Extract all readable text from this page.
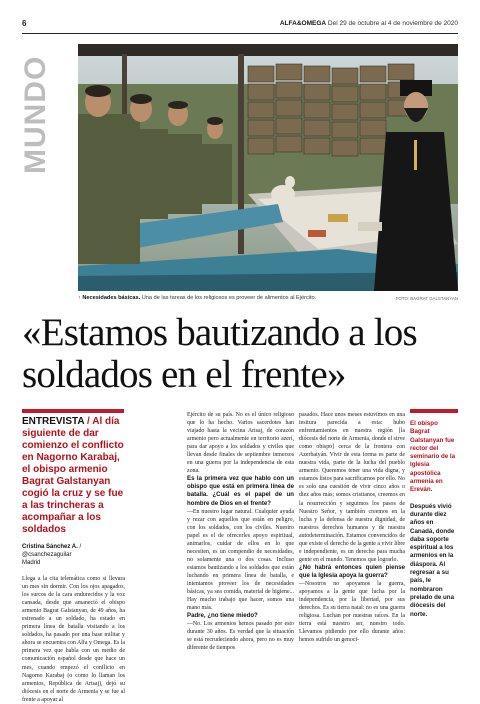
6	ALFA&OMEGA Del 29 de octubre al 4 de noviembre de 2020
MUNDO
↑ Necesidades básicas. Una de las tareas de los religiosos es proveer de alimentos al Ejército.	FOTO: BAGRAT GALSTANYAN
«Estamos bautizando a los soldados en el frente»
ENTREVISTA / Al día siguiente de dar comienzo el conflicto en Nagorno Karabaj, el obispo armenio Bagrat Galstanyan cogió la cruz y se fue a las trincheras a acompañar a los soldados
Cristina Sánchez A. / @csanchezaguilar
Madrid

Llega a la cita telemática como si llevara un mes sin dormir. Con los ojos apagados, los surcos de la cara endurecidos y la voz cansada, desde que amaneció el obispo armenio Bagrat Galstanyan, de 49 años, ha estrenado a un soldado, ha estado en primera línea de batalla visitando a los soldados, ha pasado por una base militar y ahora se encuentra con Alfa y Omega. Es la primera vez que habla con un medio de comunicación español desde que hace un mes, cuando empezó el conflicto en Nagorno Karabaj (o como lo llaman los armenios, República de Artsaj), dejó su diócesis en el norte de Armenia y se fue al frente a apoyar al

Ejército de su país. No es el único religioso que lo ha hecho. Varios sacerdotes han viajado hasta la vecina Artsaj, de corazón armenio pero actualmente en territorio azerí, para dar apoyo a los soldados y civiles que llevan desde finales de septiembre inmersos en una guerra por la independencia de esta zona.

Es la primera vez que hablo con un obispo que está en primera línea de batalla. ¿Cuál es el papel de un hombre de Dios en el frente?

—En nuestro lugar natural. Cualquier ayuda y rezar con aquellos que están en peligro, con los soldados, con los civiles. Nuestro papel es el de ofrecerles apoyo espiritual, animarlos, cuidar de ellos en lo que necesiten, es un compendio de necesidades, no solamente una o dos cosas. Incluso estamos bautizando a los soldados que están luchando en primera línea de batalla, e intentamos proveer los de necesidades básicas, ya sea comida, material de higiene... Hay mucho trabajo que hacer, somos una mano más.

Padre, ¿no tiene miedo?

—No. Los armenios hemos pasado por esto durante 30 años. Es verdad que la situación se está recrudeciendo ahora, pero no es muy diferente de tiempos

pasados. Hace unos meses estuvimos en una tesitura parecida a esta: hubo enfrentamientos en nuestra región [la diócesis del norte de Armenia, donde el sirve como obispo] cerca de la frontera con Azerbaiyán. Vivir de esta forma es parte de nuestra vida, parte de la lucha del pueblo armenio. Queremos tener una vida digna, y estamos listos para sacrificarnos por ello. No es solo una cuestión de vivir cinco años o diez años más; somos cristianos, creemos en la resurrección y seguimos los pasos de Nuestro Señor, y también creemos en la lucha y la defensa de nuestra dignidad, de nuestros derechos humanos y de nuestra autodeterminación. Estamos convencidos de que existe el derecho de la gente a vivir libre e independiente, es un derecho para mucha gente en el mundo. Tenemos que lograrlo.

¿No habrá entonces quien piense que la Iglesia apoya la guerra?

—Nosotros no apoyamos la guerra, apoyamos a la gente que lucha por la independencia, por la libertad, por sus derechos. Es su tierra natal: no es una guerra religiosa. Luchan por nuestras raíces. En la tierra está nuestro ser, nuestro todo. Llevamos pidiendo por ello durante años: hemos sufrido un genoci-

El obispo Bagrat Galstanyan fue rector del seminario de la Iglesia apostólica armenia en Ereván.

Después vivió durante diez años en Canadá, donde daba soporte espiritual a los armenios en la diáspora. Al regresar a su país, le nombraron prelado de una diócesis del norte.
